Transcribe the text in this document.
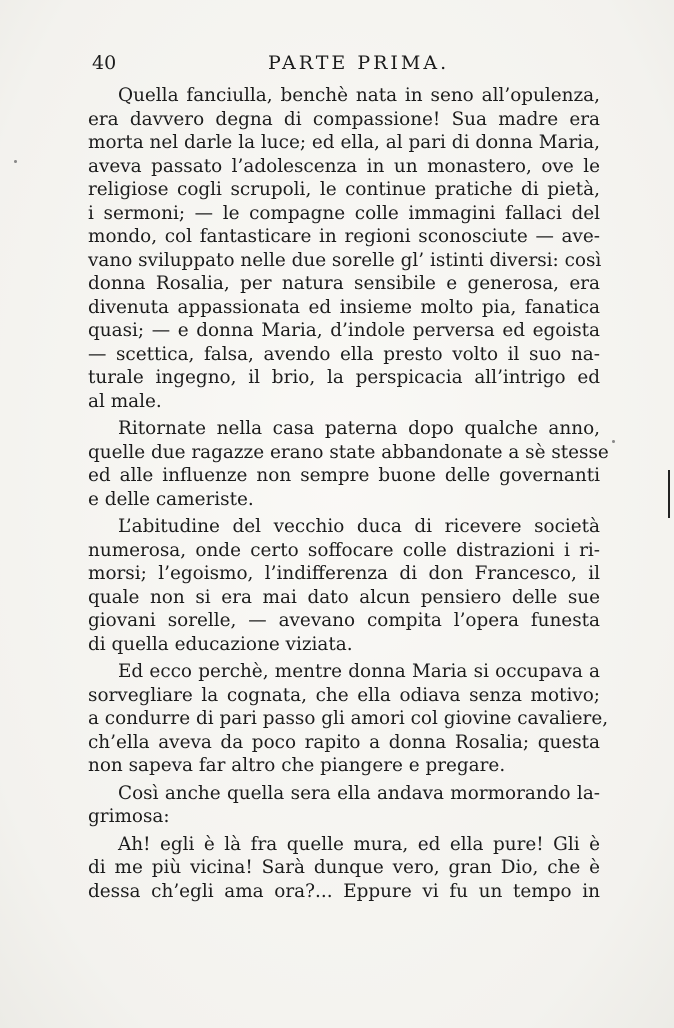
40	PARTE PRIMA.
Quella fanciulla, benchè nata in seno all’opulenza,
era davvero degna di compassione! Sua madre era
morta nel darle la luce; ed ella, al pari di donna Maria,
aveva passato l’adolescenza in un monastero, ove le
religiose cogli scrupoli, le continue pratiche di pietà,
i sermoni; — le compagne colle immagini fallaci del
mondo, col fantasticare in regioni sconosciute — ave-
vano sviluppato nelle due sorelle gl’ istinti diversi: così
donna Rosalia, per natura sensibile e generosa, era
divenuta appassionata ed insieme molto pia, fanatica
quasi; — e donna Maria, d’indole perversa ed egoista
— scettica, falsa, avendo ella presto volto il suo na-
turale ingegno, il brio, la perspicacia all’intrigo ed
al male.
Ritornate nella casa paterna dopo qualche anno,
quelle due ragazze erano state abbandonate a sè stesse
ed alle influenze non sempre buone delle governanti
e delle cameriste.
L’abitudine del vecchio duca di ricevere società
numerosa, onde certo soffocare colle distrazioni i ri-
morsi; l’egoismo, l’indifferenza di don Francesco, il
quale non si era mai dato alcun pensiero delle sue
giovani sorelle, — avevano compita l’opera funesta
di quella educazione viziata.
Ed ecco perchè, mentre donna Maria si occupava a
sorvegliare la cognata, che ella odiava senza motivo;
a condurre di pari passo gli amori col giovine cavaliere,
ch’ella aveva da poco rapito a donna Rosalia; questa
non sapeva far altro che piangere e pregare.
Così anche quella sera ella andava mormorando la-
grimosa:
Ah! egli è là fra quelle mura, ed ella pure! Gli è
di me più vicina! Sarà dunque vero, gran Dio, che è
dessa ch’egli ama ora?... Eppure vi fu un tempo in
